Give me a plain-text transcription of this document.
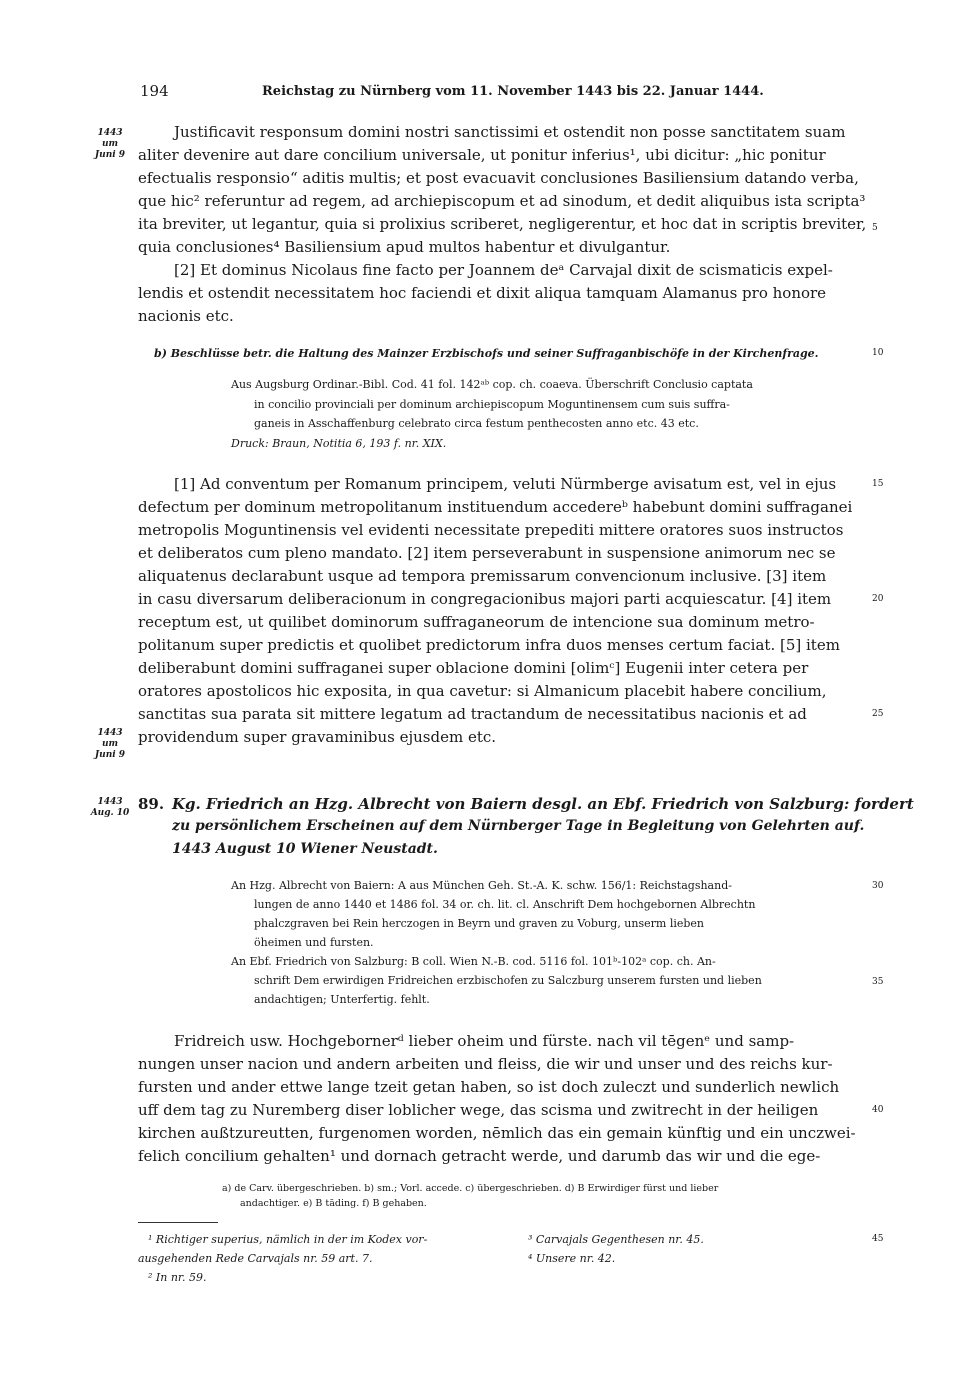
194	Reichstag zu Nürnberg vom 11. November 1443 bis 22. Januar 1444.
1443
um
Juni 9
1443
um
Juni 9
1443
Aug. 10
Justificavit responsum domini nostri sanctissimi et ostendit non posse sanctitatem suam
aliter devenire aut dare concilium universale, ut ponitur inferius¹, ubi dicitur: „hic ponitur
efectualis responsio“ aditis multis; et post evacuavit conclusiones Basiliensium datando verba,
que hic² referuntur ad regem, ad archiepiscopum et ad sinodum, et dedit aliquibus ista scripta³
ita breviter, ut legantur, quia si prolixius scriberet, negligerentur, et hoc dat in scriptis breviter,
quia conclusiones⁴ Basiliensium apud multos habentur et divulgantur.
[2] Et dominus Nicolaus fine facto per Joannem deᵃ Carvajal dixit de scismaticis expel-
lendis et ostendit necessitatem hoc faciendi et dixit aliqua tamquam Alamanus pro honore
nacionis etc.
b) Beschlüsse betr. die Haltung des Mainzer Erzbischofs und seiner Suffraganbischöfe in der Kirchenfrage.
Aus Augsburg Ordinar.-Bibl. Cod. 41 fol. 142ᵃᵇ cop. ch. coaeva. Überschrift Conclusio captata
in concilio provinciali per dominum archiepiscopum Moguntinensem cum suis suffra-
ganeis in Asschaffenburg celebrato circa festum penthecosten anno etc. 43 etc.
Druck: Braun, Notitia 6, 193 f. nr. XIX.
[1] Ad conventum per Romanum principem, veluti Nürmberge avisatum est, vel in ejus
defectum per dominum metropolitanum instituendum accedereᵇ habebunt domini suffraganei
metropolis Moguntinensis vel evidenti necessitate prepediti mittere oratores suos instructos
et deliberatos cum pleno mandato. [2] item perseverabunt in suspensione animorum nec se
aliquatenus declarabunt usque ad tempora premissarum convencionum inclusive. [3] item
in casu diversarum deliberacionum in congregacionibus majori parti acquiescatur. [4] item
receptum est, ut quilibet dominorum suffraganeorum de intencione sua dominum metro-
politanum super predictis et quolibet predictorum infra duos menses certum faciat. [5] item
deliberabunt domini suffraganei super oblacione domini [olimᶜ] Eugenii inter cetera per
oratores apostolicos hic exposita, in qua cavetur: si Almanicum placebit habere concilium,
sanctitas sua parata sit mittere legatum ad tractandum de necessitatibus nacionis et ad
providendum super gravaminibus ejusdem etc.
89. Kg. Friedrich an Hzg. Albrecht von Baiern desgl. an Ebf. Friedrich von Salzburg: fordert
zu persönlichem Erscheinen auf dem Nürnberger Tage in Begleitung von Gelehrten auf.
1443 August 10 Wiener Neustadt.
An Hzg. Albrecht von Baiern: A aus München Geh. St.-A. K. schw. 156/1: Reichstagshand-
lungen de anno 1440 et 1486 fol. 34 or. ch. lit. cl. Anschrift Dem hochgebornen Albrechtn
phalczgraven bei Rein herczogen in Beyrn und graven zu Voburg, unserm lieben
öheimen und fursten.
An Ebf. Friedrich von Salzburg: B coll. Wien N.-B. cod. 5116 fol. 101ᵇ-102ᵃ cop. ch. An-
schrift Dem erwirdigen Fridreichen erzbischofen zu Salczburg unserem fursten und lieben
andachtigen; Unterfertig. fehlt.
Fridreich usw. Hochgebornerᵈ lieber oheim und fürste. nach vil tēgenᵉ und samp-
nungen unser nacion und andern arbeiten und fleiss, die wir und unser und des reichs kur-
fursten und ander ettwe lange tzeit getan haben, so ist doch zuleczt und sunderlich newlich
uff dem tag zu Nuremberg diser loblicher wege, das scisma und zwitrecht in der heiligen
kirchen außtzureutten, furgenomen worden, nēmlich das ein gemain künftig und ein unczwei-
felich concilium gehalten¹ und dornach getracht werde, und darumb das wir und die ege-
a) de Carv. übergeschrieben. b) sm.; Vorl. accede. c) übergeschrieben. d) B Erwirdiger fürst und lieber
andachtiger. e) B tāding. f) B gehaben.
¹ Richtiger superius, nämlich in der im Kodex vor-
ausgehenden Rede Carvajals nr. 59 art. 7.
² In nr. 59.
³ Carvajals Gegenthesen nr. 45.
⁴ Unsere nr. 42.
5
10
15
20
25
30
35
40
45
